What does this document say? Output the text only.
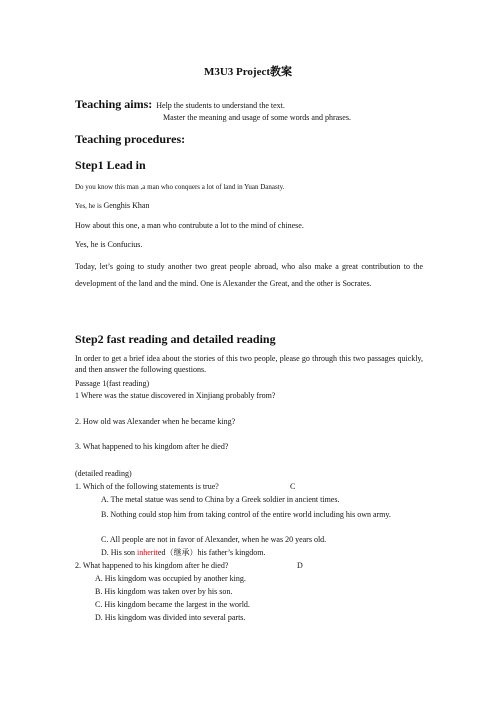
M3U3 Project教案
Teaching aims: Help the students to understand the text.
Master the meaning and usage of some words and phrases.
Teaching procedures:
Step1 Lead in
Do you know this man ,a man who conquers a lot of land in Yuan Danasty.
Yes, he is Genghis Khan
How about this one, a man who contrubute a lot to the mind of chinese.
Yes, he is Confucius.
Today, let’s going to study another two great people abroad, who also make a great contribution to the development of the land and the mind. One is Alexander the Great, and the other is Socrates.
Step2 fast reading and detailed reading
In order to get a brief idea about the stories of this two people, please go through this two passages quickly, and then answer the following questions.
Passage 1(fast reading)
1 Where was the statue discovered in Xinjiang probably from?
2. How old was Alexander when he became king?
3. What happened to his kingdom after he died?
(detailed reading)
1. Which of the following statements is true?	C
A. The metal statue was send to China by a Greek soldier in ancient times.
B. Nothing could stop him from taking control of the entire world including his own army.
C. All people are not in favor of Alexander, when he was 20 years old.
D. His son inherited（继承）his father’s kingdom.
2. What happened to his kingdom after he died?	D
A. His kingdom was occupied by another king.
B. His kingdom was taken over by his son.
C. His kingdom became the largest in the world.
D. His kingdom was divided into several parts.
